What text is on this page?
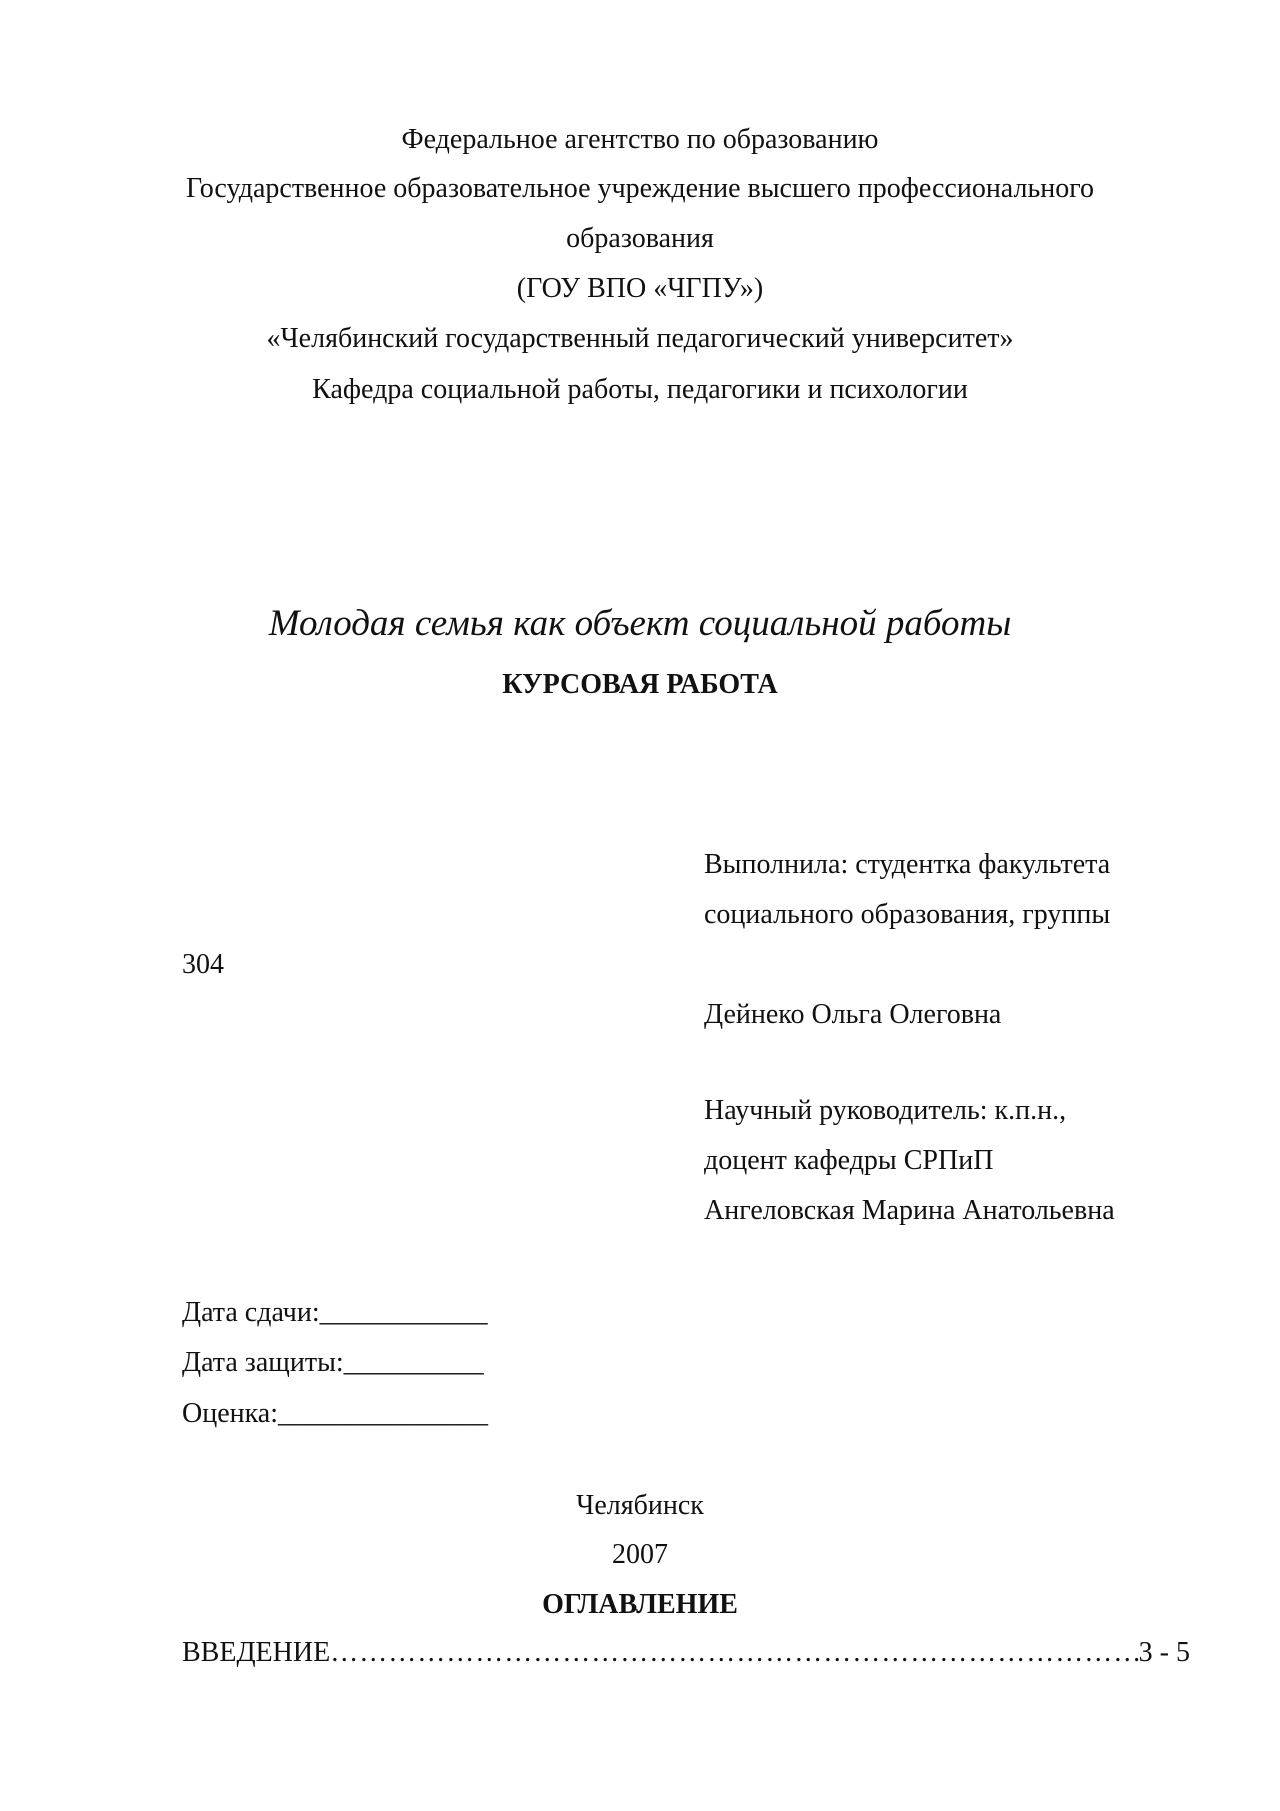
Федеральное агентство по образованию
Государственное образовательное учреждение высшего профессионального
образования
(ГОУ ВПО «ЧГПУ»)
«Челябинский государственный педагогический университет»
Кафедра социальной работы, педагогики и психологии
Молодая семья как объект социальной работы
КУРСОВАЯ РАБОТА
Выполнила: студентка факультета
социального образования, группы
304
Дейнеко Ольга Олеговна
Научный руководитель: к.п.н.,
доцент кафедры СРПиП
Ангеловская Марина Анатольевна
Дата сдачи:____________
Дата защиты:__________
Оценка:_______________
Челябинск
2007
ОГЛАВЛЕНИЕ
ВВЕДЕНИЕ
………………………………………………………………………………………………………………………………	3 - 5
